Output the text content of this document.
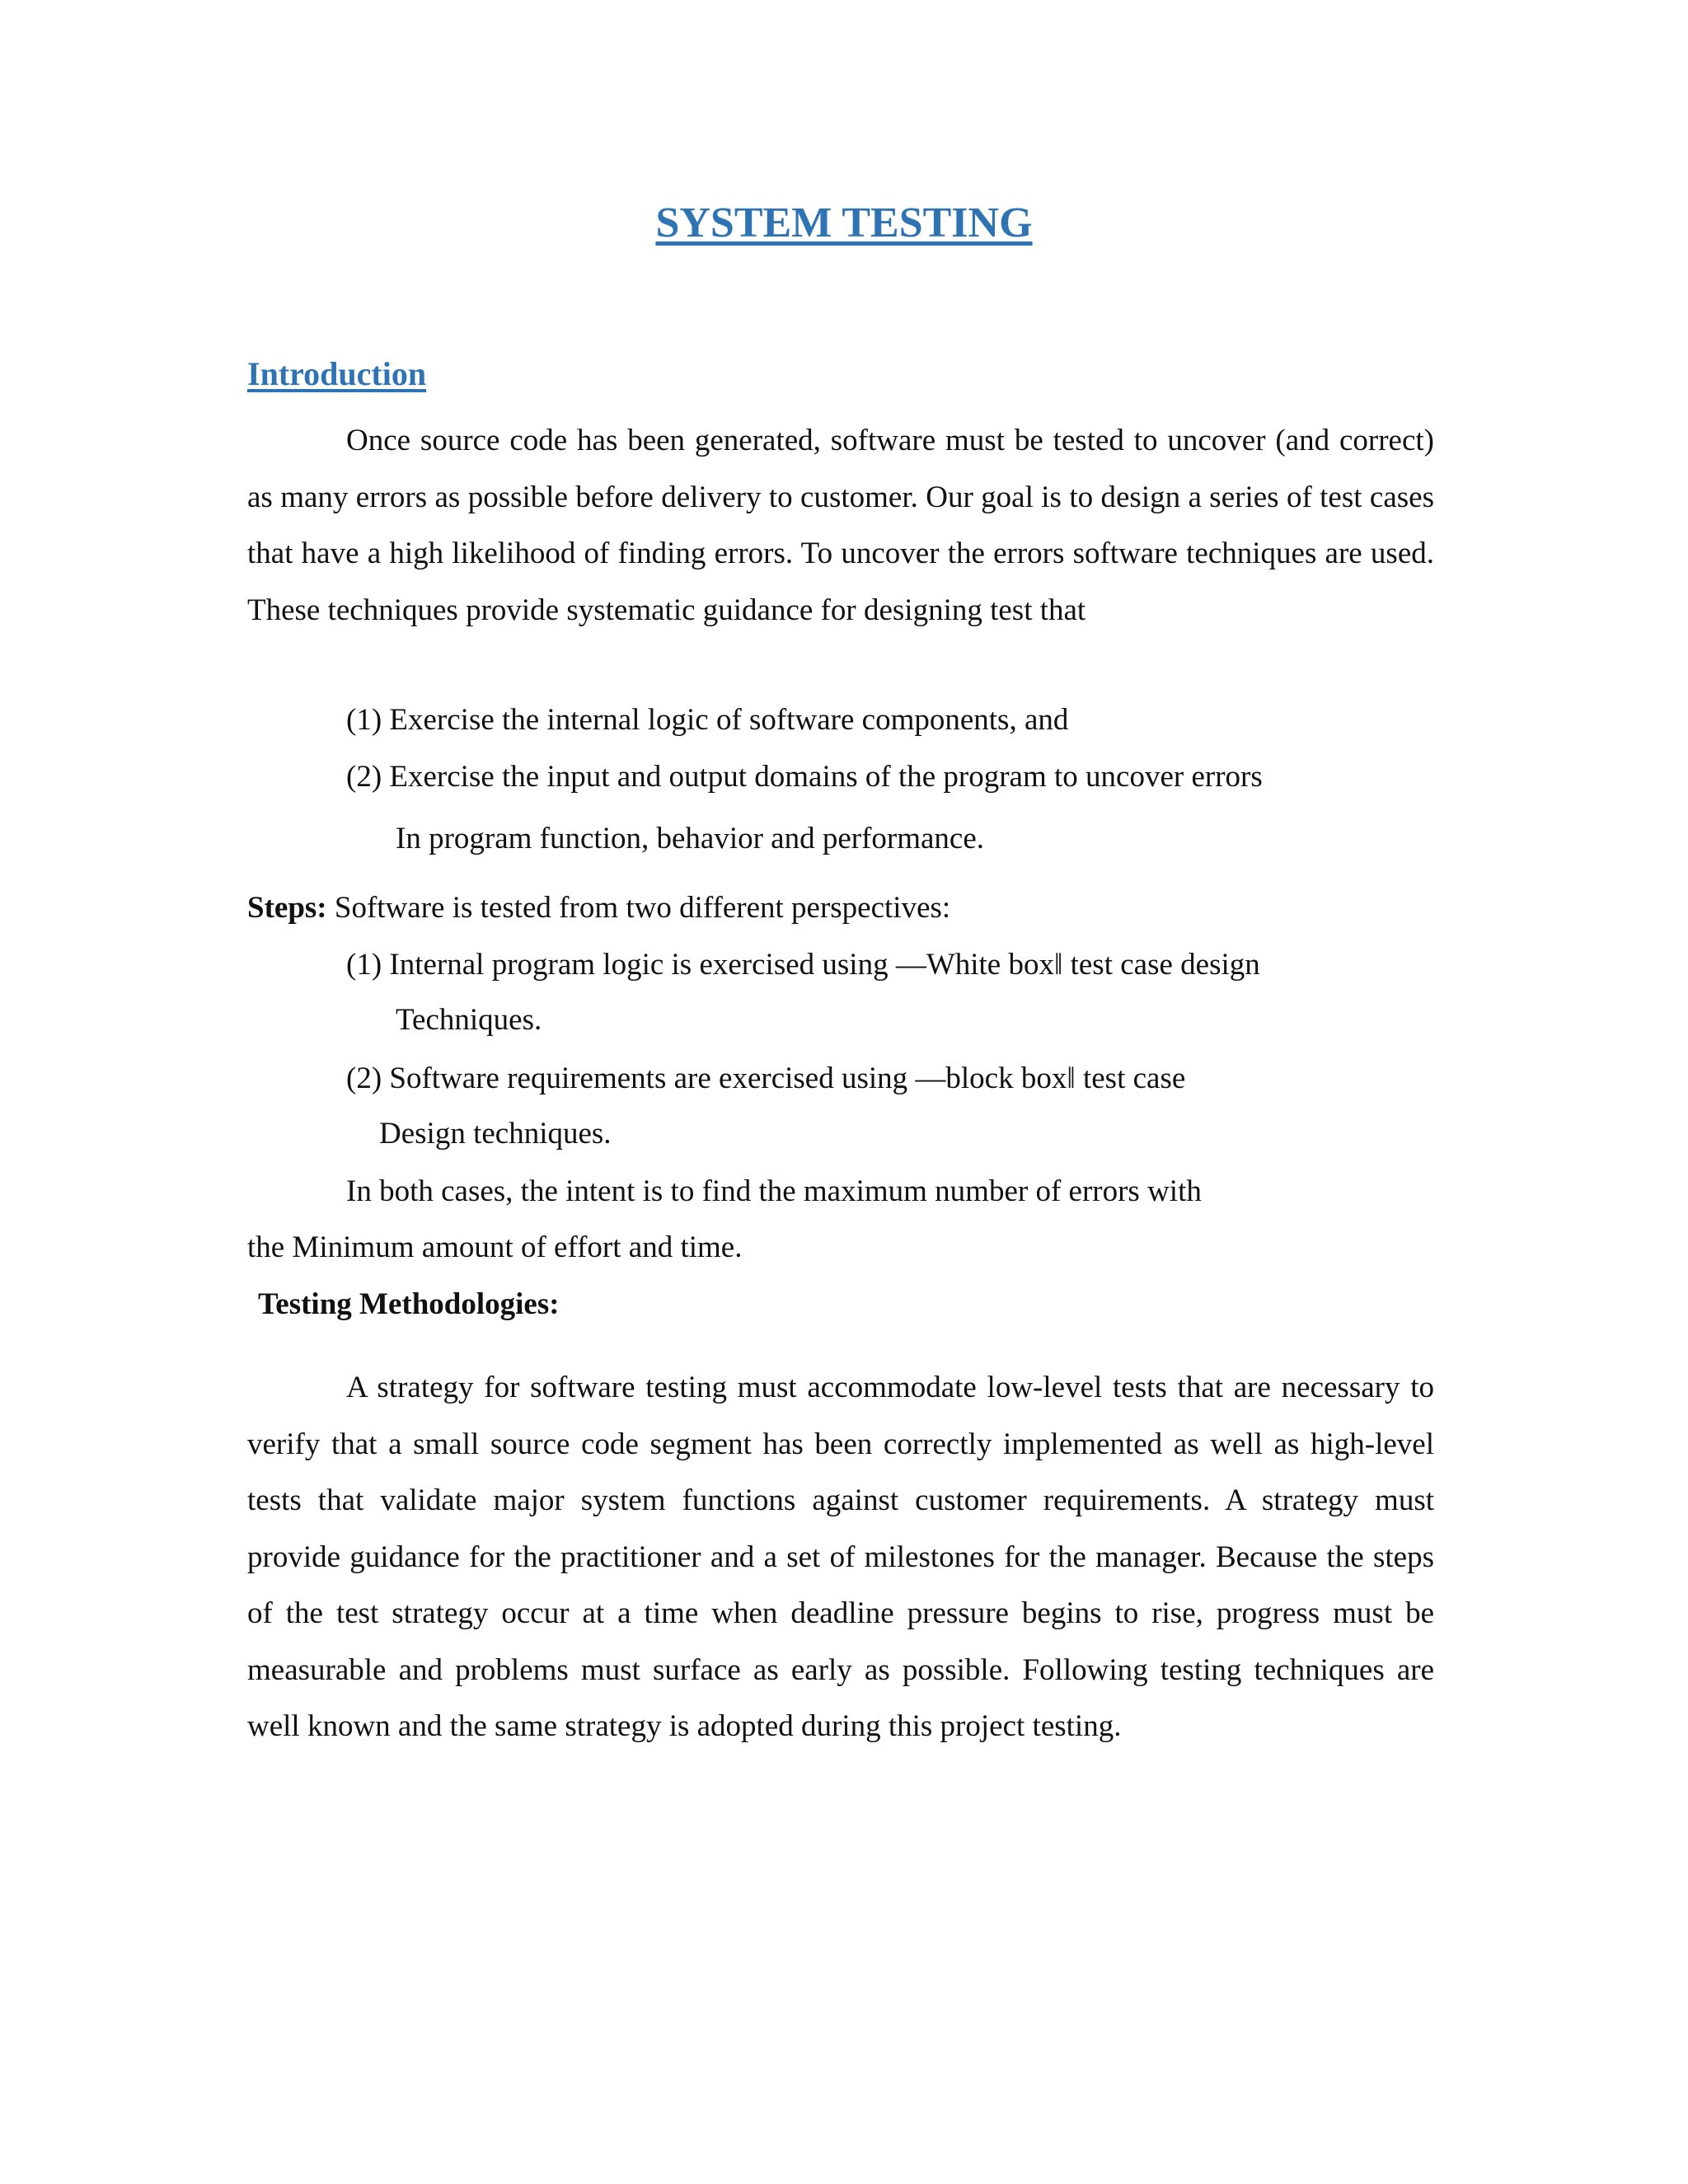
SYSTEM TESTING
Introduction
Once source code has been generated, software must be tested to uncover (and correct) as many errors as possible before delivery to customer. Our goal is to design a series of test cases that have a high likelihood of finding errors. To uncover the errors software techniques are used. These techniques provide systematic guidance for designing test that
(1) Exercise the internal logic of software components, and
(2) Exercise the input and output domains of the program to uncover errors
In program function, behavior and performance.
Steps: Software is tested from two different perspectives:
(1) Internal program logic is exercised using ―White box‖ test case design
Techniques.
(2) Software requirements are exercised using ―block box‖ test case
Design techniques.
In both cases, the intent is to find the maximum number of errors with
the Minimum amount of effort and time.
Testing Methodologies:
A strategy for software testing must accommodate low-level tests that are necessary to verify that a small source code segment has been correctly implemented as well as high-level tests that validate major system functions against customer requirements. A strategy must provide guidance for the practitioner and a set of milestones for the manager. Because the steps of the test strategy occur at a time when deadline pressure begins to rise, progress must be measurable and problems must surface as early as possible. Following testing techniques are well known and the same strategy is adopted during this project testing.
